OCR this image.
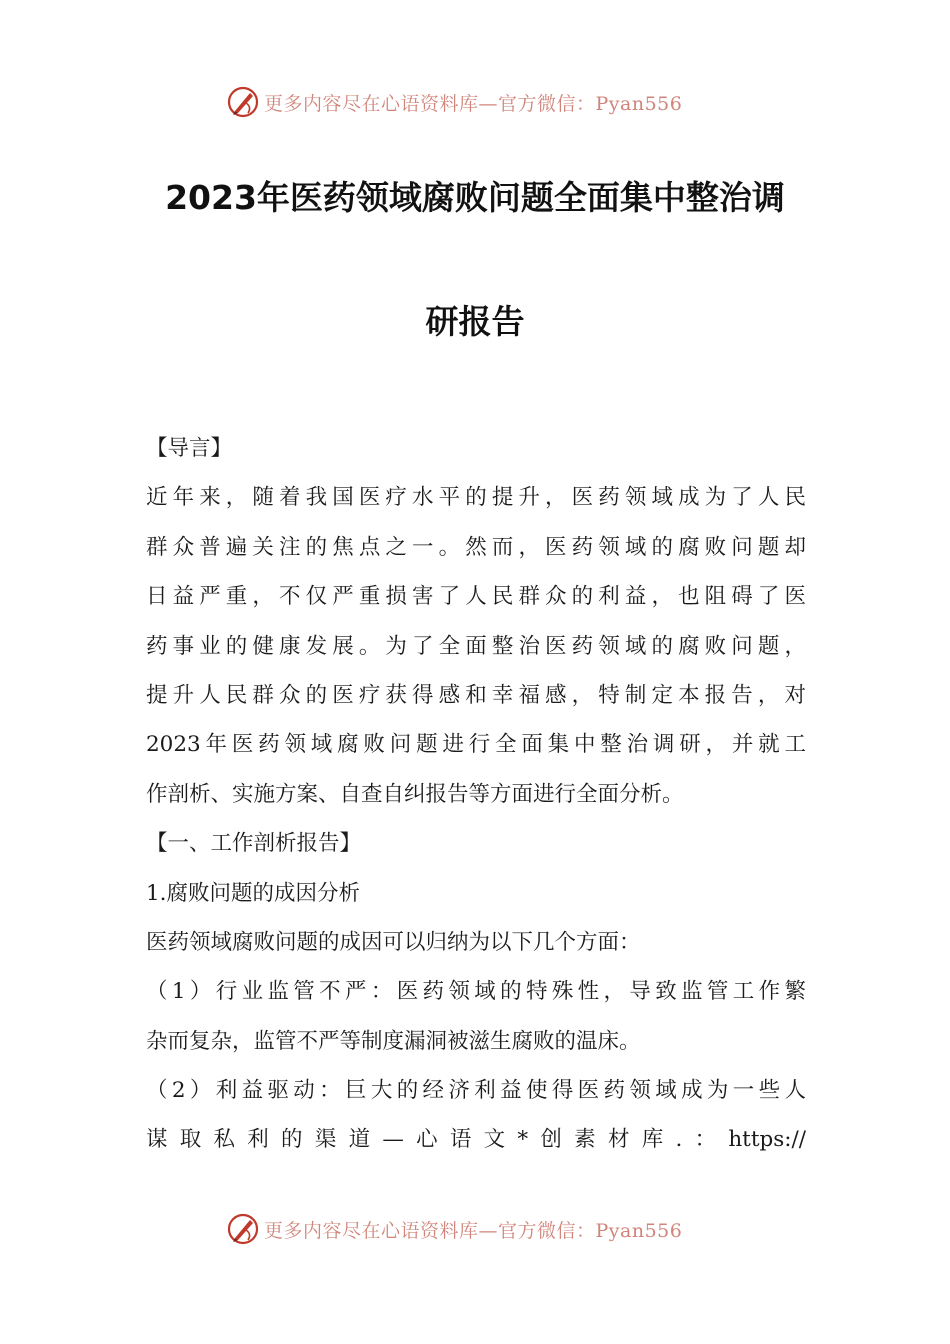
更多内容尽在心语资料库—官方微信：Pyan556
2023年医药领域腐败问题全面集中整治调
研报告
【导言】
近年来，随着我国医疗水平的提升，医药领域成为了人民
群众普遍关注的焦点之一。然而，医药领域的腐败问题却
日益严重，不仅严重损害了人民群众的利益，也阻碍了医
药事业的健康发展。为了全面整治医药领域的腐败问题，
提升人民群众的医疗获得感和幸福感，特制定本报告，对
2023年医药领域腐败问题进行全面集中整治调研，并就工
作剖析、实施方案、自查自纠报告等方面进行全面分析。
【一、工作剖析报告】
1.腐败问题的成因分析
医药领域腐败问题的成因可以归纳为以下几个方面：
（1）行业监管不严：医药领域的特殊性，导致监管工作繁
杂而复杂，监管不严等制度漏洞被滋生腐败的温床。
（2）利益驱动：巨大的经济利益使得医药领域成为一些人
谋取私利的渠道—心语文*创素材库.：https://
更多内容尽在心语资料库—官方微信：Pyan556
